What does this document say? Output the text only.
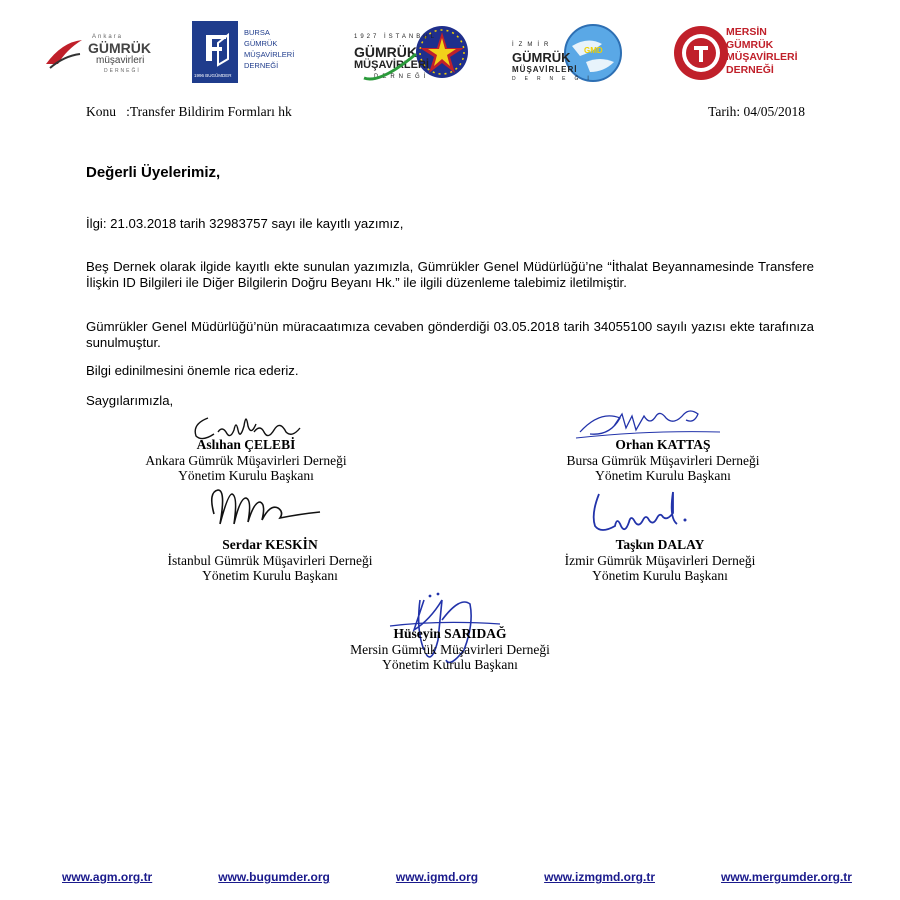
Ankara
GÜMRÜK
müşavirleri
DERNEĞİ
1996 BUGÜMDER
BURSA
GÜMRÜK
MÜŞAVİRLERİ
DERNEĞİ
1927 İSTANBUL
GÜMRÜK
MÜŞAVİRLERİ
DERNEĞİ
GMD
İZMİR
GÜMRÜK
MÜŞAVİRLERİ
DERNEĞİ
MERSİN
GÜMRÜK
MÜŞAVİRLERİ
DERNEĞİ
Konu   :Transfer Bildirim Formları hk	Tarih: 04/05/2018
Değerli Üyelerimiz,
İlgi: 21.03.2018 tarih 32983757 sayı ile kayıtlı yazımız,
Beş Dernek olarak ilgide kayıtlı ekte sunulan yazımızla, Gümrükler Genel Müdürlüğü’ne “İthalat Beyannamesinde Transfere İlişkin ID Bilgileri ile Diğer Bilgilerin Doğru Beyanı Hk.” ile ilgili düzenleme talebimiz iletilmiştir.
Gümrükler Genel Müdürlüğü’nün müracaatımıza cevaben gönderdiği 03.05.2018 tarih 34055100 sayılı yazısı ekte tarafınıza sunulmuştur.
Bilgi edinilmesini önemle rica ederiz.
Saygılarımızla,
Aslıhan ÇELEBİ
Ankara Gümrük Müşavirleri Derneği
Yönetim Kurulu Başkanı
Orhan KATTAŞ
Bursa Gümrük Müşavirleri Derneği
Yönetim Kurulu Başkanı
Serdar KESKİN
İstanbul Gümrük Müşavirleri Derneği
Yönetim Kurulu Başkanı
Taşkın DALAY
İzmir Gümrük Müşavirleri Derneği
Yönetim Kurulu Başkanı
Hüseyin SARIDAĞ
Mersin Gümrük Müşavirleri Derneği
Yönetim Kurulu Başkanı
www.agm.org.tr	www.bugumder.org	www.igmd.org	www.izmgmd.org.tr	www.mergumder.org.tr
